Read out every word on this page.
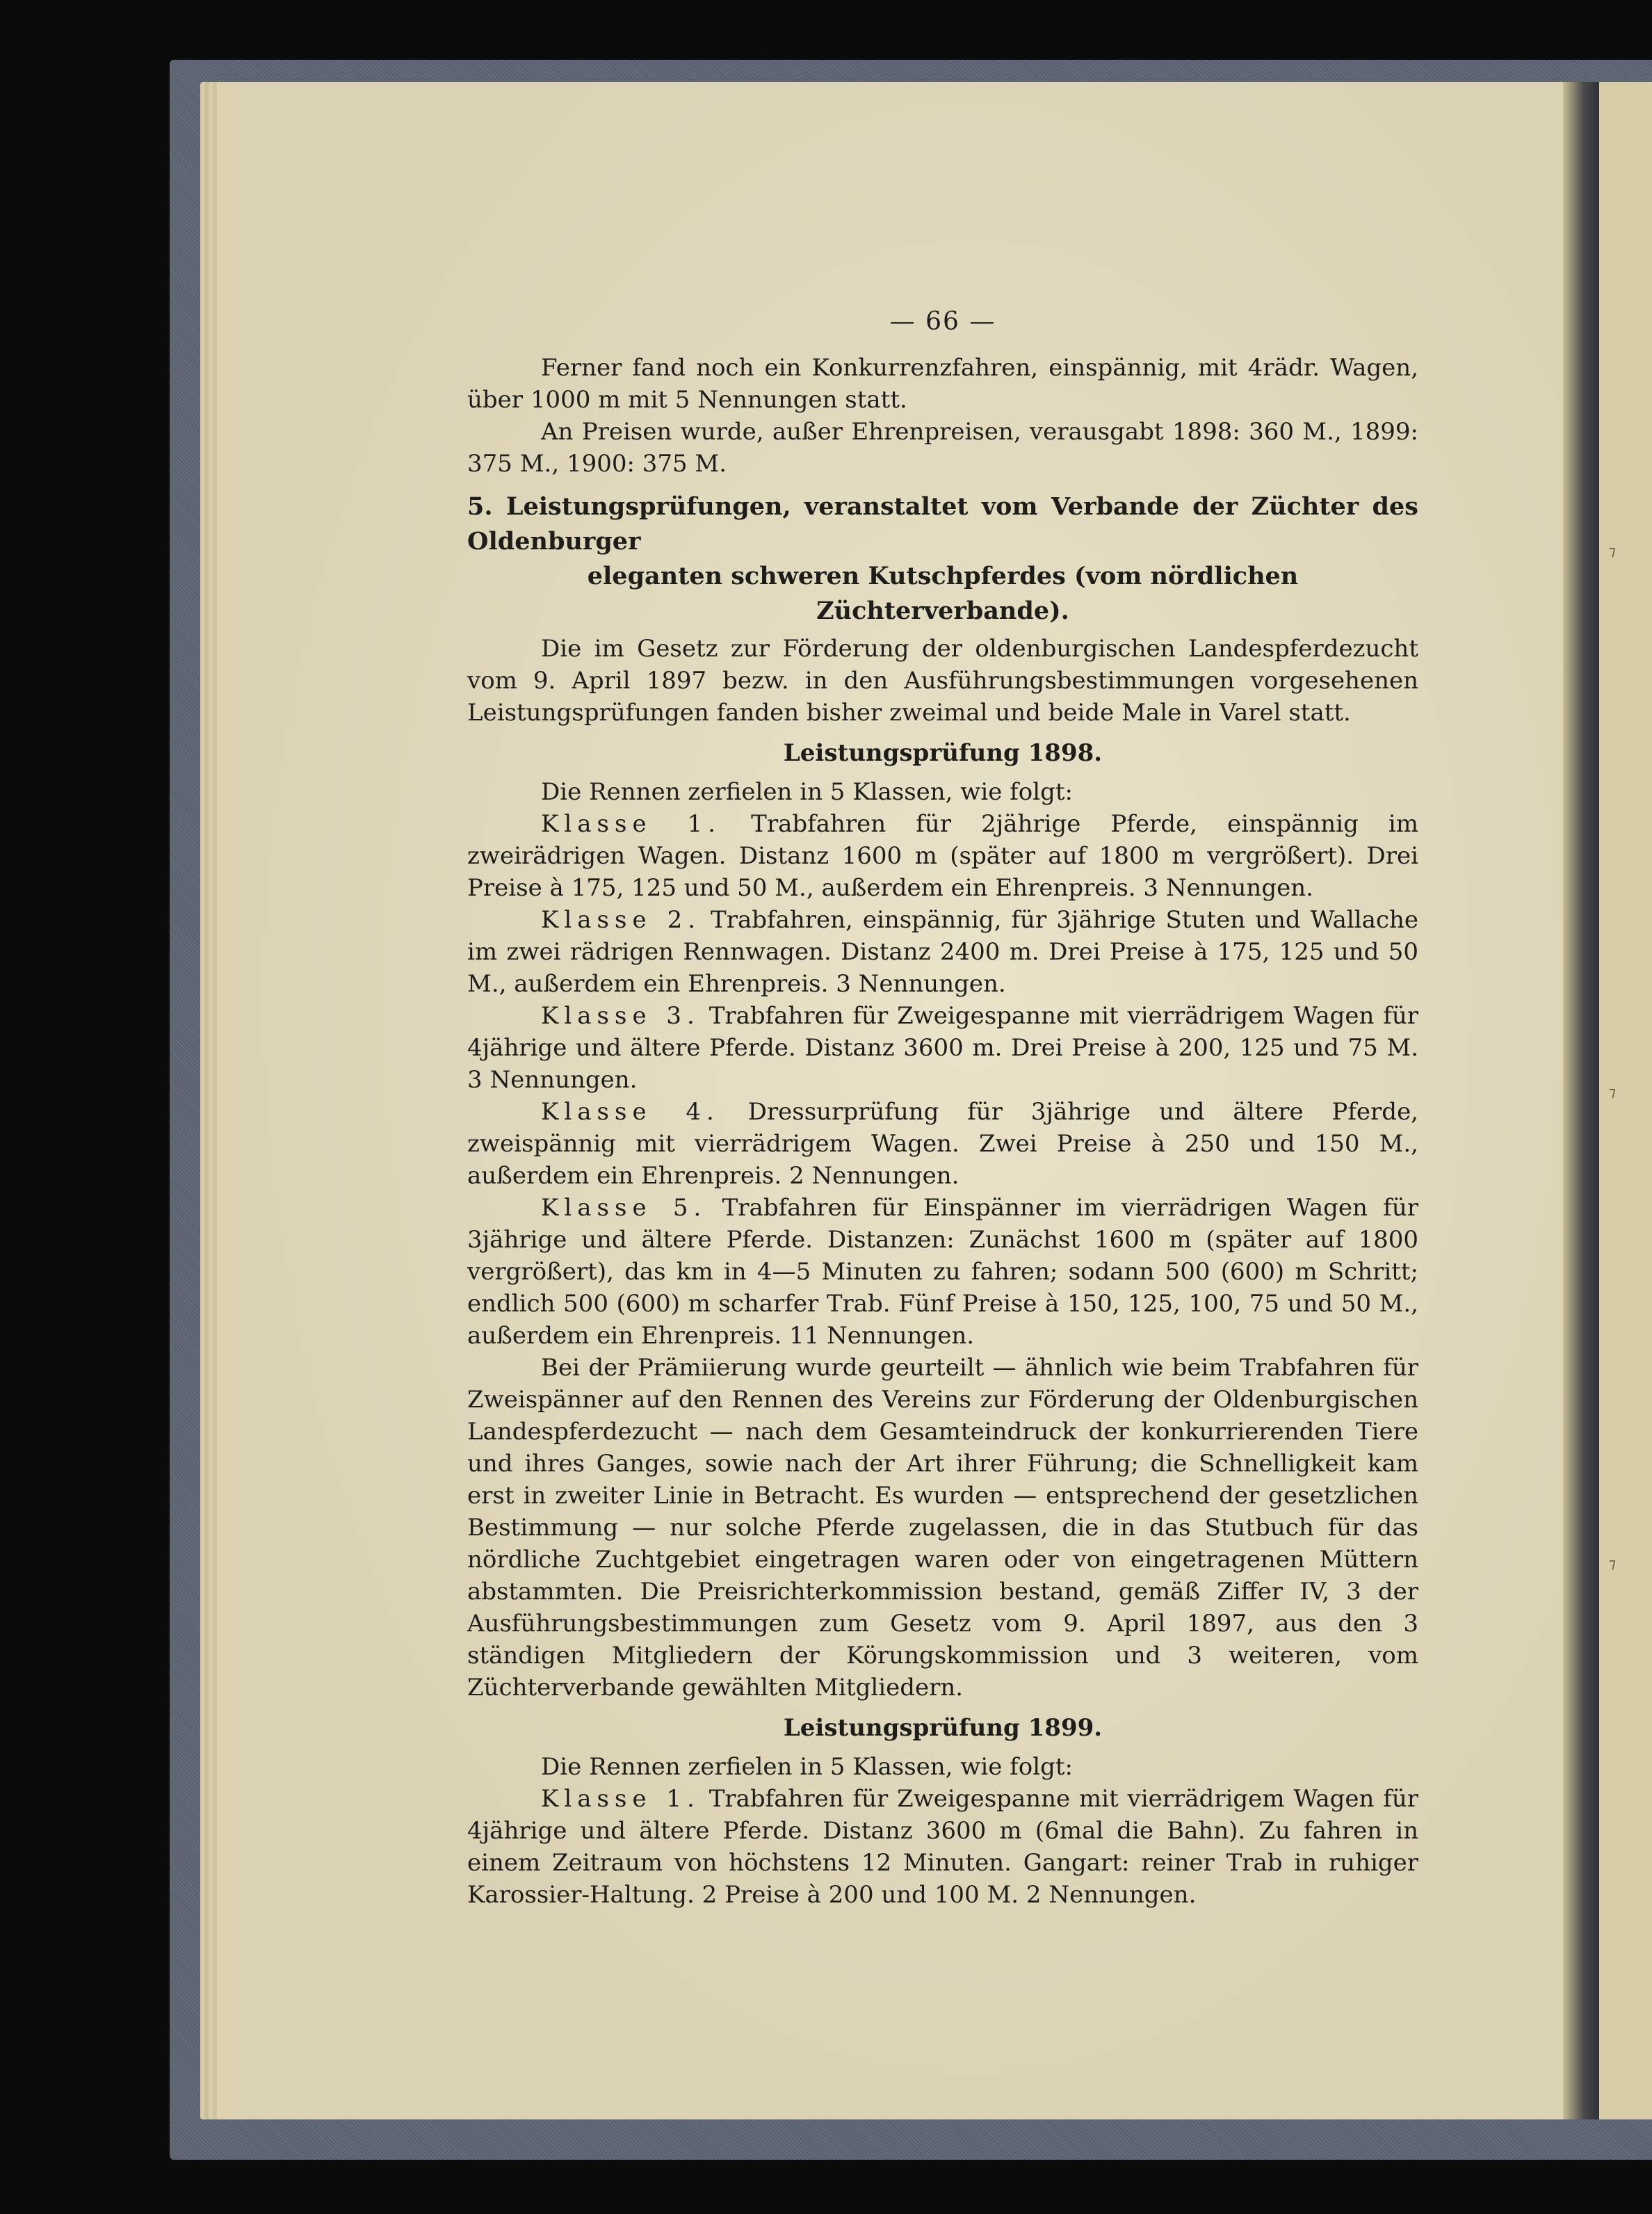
⁊
⁊
⁊
— 66 —

Ferner fand noch ein Konkurrenzfahren, einspännig, mit 4rädr. Wagen, über 1000 m mit 5 Nennungen statt.

An Preisen wurde, außer Ehrenpreisen, verausgabt 1898: 360 M., 1899: 375 M., 1900: 375 M.

5. Leistungsprüfungen, veranstaltet vom Verbande der Züchter des Oldenburger
eleganten schweren Kutschpferdes (vom nördlichen Züchterverbande).

Die im Gesetz zur Förderung der oldenburgischen Landespferdezucht vom 9. April 1897 bezw. in den Ausführungsbestimmungen vorgesehenen Leistungsprüfungen fanden bisher zweimal und beide Male in Varel statt.

Leistungsprüfung 1898.

Die Rennen zerfielen in 5 Klassen, wie folgt:

Klasse 1. Trabfahren für 2jährige Pferde, einspännig im zweirädrigen Wagen. Distanz 1600 m (später auf 1800 m vergrößert). Drei Preise à 175, 125 und 50 M., außerdem ein Ehrenpreis. 3 Nennungen.

Klasse 2. Trabfahren, einspännig, für 3jährige Stuten und Wallache im zwei rädrigen Rennwagen. Distanz 2400 m. Drei Preise à 175, 125 und 50 M., außerdem ein Ehrenpreis. 3 Nennungen.

Klasse 3. Trabfahren für Zweigespanne mit vierrädrigem Wagen für 4jährige und ältere Pferde. Distanz 3600 m. Drei Preise à 200, 125 und 75 M. 3 Nennungen.

Klasse 4. Dressurprüfung für 3jährige und ältere Pferde, zweispännig mit vierrädrigem Wagen. Zwei Preise à 250 und 150 M., außerdem ein Ehrenpreis. 2 Nennungen.

Klasse 5. Trabfahren für Einspänner im vierrädrigen Wagen für 3jährige und ältere Pferde. Distanzen: Zunächst 1600 m (später auf 1800 vergrößert), das km in 4—5 Minuten zu fahren; sodann 500 (600) m Schritt; endlich 500 (600) m scharfer Trab. Fünf Preise à 150, 125, 100, 75 und 50 M., außerdem ein Ehrenpreis. 11 Nennungen.

Bei der Prämiierung wurde geurteilt — ähnlich wie beim Trabfahren für Zweispänner auf den Rennen des Vereins zur Förderung der Oldenburgischen Landespferdezucht — nach dem Gesamteindruck der konkurrierenden Tiere und ihres Ganges, sowie nach der Art ihrer Führung; die Schnelligkeit kam erst in zweiter Linie in Betracht. Es wurden — entsprechend der gesetzlichen Bestimmung — nur solche Pferde zugelassen, die in das Stutbuch für das nördliche Zuchtgebiet eingetragen waren oder von eingetragenen Müttern abstammten. Die Preisrichterkommission bestand, gemäß Ziffer IV, 3 der Ausführungsbestimmungen zum Gesetz vom 9. April 1897, aus den 3 ständigen Mitgliedern der Körungskommission und 3 weiteren, vom Züchterverbande gewählten Mitgliedern.

Leistungsprüfung 1899.

Die Rennen zerfielen in 5 Klassen, wie folgt:

Klasse 1. Trabfahren für Zweigespanne mit vierrädrigem Wagen für 4jährige und ältere Pferde. Distanz 3600 m (6mal die Bahn). Zu fahren in einem Zeitraum von höchstens 12 Minuten. Gangart: reiner Trab in ruhiger Karossier-Haltung. 2 Preise à 200 und 100 M. 2 Nennungen.
